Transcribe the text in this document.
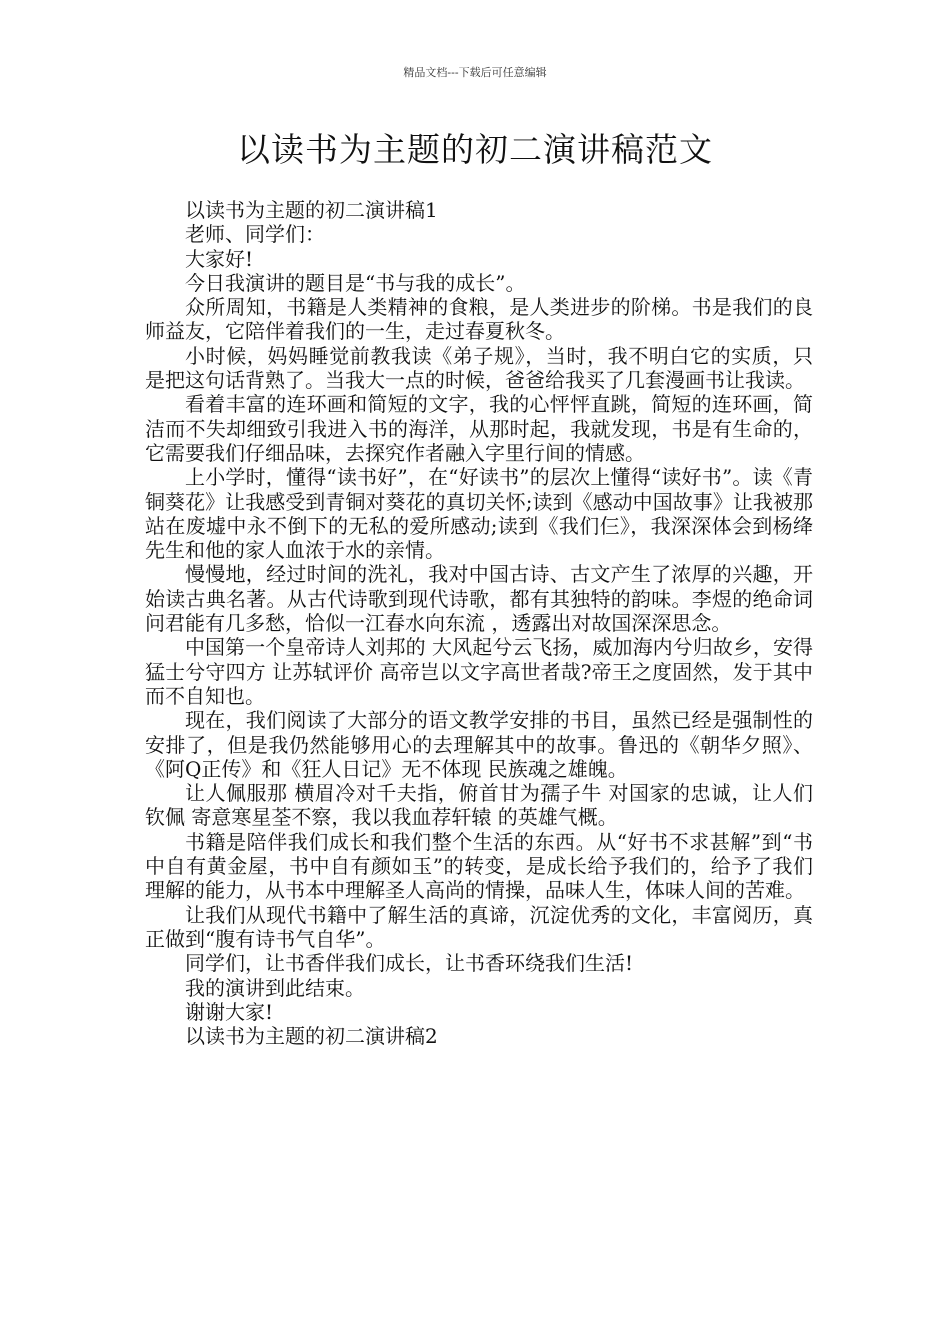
精品文档---下载后可任意编辑
以读书为主题的初二演讲稿范文

以读书为主题的初二演讲稿1

老师、同学们：

大家好!

今日我演讲的题目是“书与我的成长”。

众所周知，书籍是人类精神的食粮，是人类进步的阶梯。书是我们的良师益友，它陪伴着我们的一生，走过春夏秋冬。

小时候，妈妈睡觉前教我读《弟子规》，当时，我不明白它的实质，只是把这句话背熟了。当我大一点的时候，爸爸给我买了几套漫画书让我读。

看着丰富的连环画和简短的文字，我的心怦怦直跳，简短的连环画，简洁而不失却细致引我进入书的海洋，从那时起，我就发现，书是有生命的，它需要我们仔细品味，去探究作者融入字里行间的情感。

上小学时，懂得“读书好”，在“好读书”的层次上懂得“读好书”。读《青铜葵花》让我感受到青铜对葵花的真切关怀;读到《感动中国故事》让我被那站在废墟中永不倒下的无私的爱所感动;读到《我们仨》，我深深体会到杨绛先生和他的家人血浓于水的亲情。

慢慢地，经过时间的洗礼，我对中国古诗、古文产生了浓厚的兴趣，开始读古典名著。从古代诗歌到现代诗歌，都有其独特的韵味。李煜的绝命词 问君能有几多愁，恰似一江春水向东流 ，透露出对故国深深思念。

中国第一个皇帝诗人刘邦的 大风起兮云飞扬，威加海内兮归故乡，安得猛士兮守四方 让苏轼评价 高帝岂以文字高世者哉?帝王之度固然，发于其中而不自知也。

现在，我们阅读了大部分的语文教学安排的书目，虽然已经是强制性的安排了，但是我仍然能够用心的去理解其中的故事。鲁迅的《朝华夕照》、《阿Q正传》和《狂人日记》无不体现 民族魂之雄魄。

让人佩服那 横眉冷对千夫指，俯首甘为孺子牛 对国家的忠诚，让人们钦佩 寄意寒星荃不察，我以我血荐轩辕 的英雄气概。

书籍是陪伴我们成长和我们整个生活的东西。从“好书不求甚解”到“书中自有黄金屋，书中自有颜如玉”的转变，是成长给予我们的，给予了我们理解的能力，从书本中理解圣人高尚的情操，品味人生，体味人间的苦难。

让我们从现代书籍中了解生活的真谛，沉淀优秀的文化，丰富阅历，真正做到“腹有诗书气自华”。

同学们，让书香伴我们成长，让书香环绕我们生活!

我的演讲到此结束。

谢谢大家!

以读书为主题的初二演讲稿2
